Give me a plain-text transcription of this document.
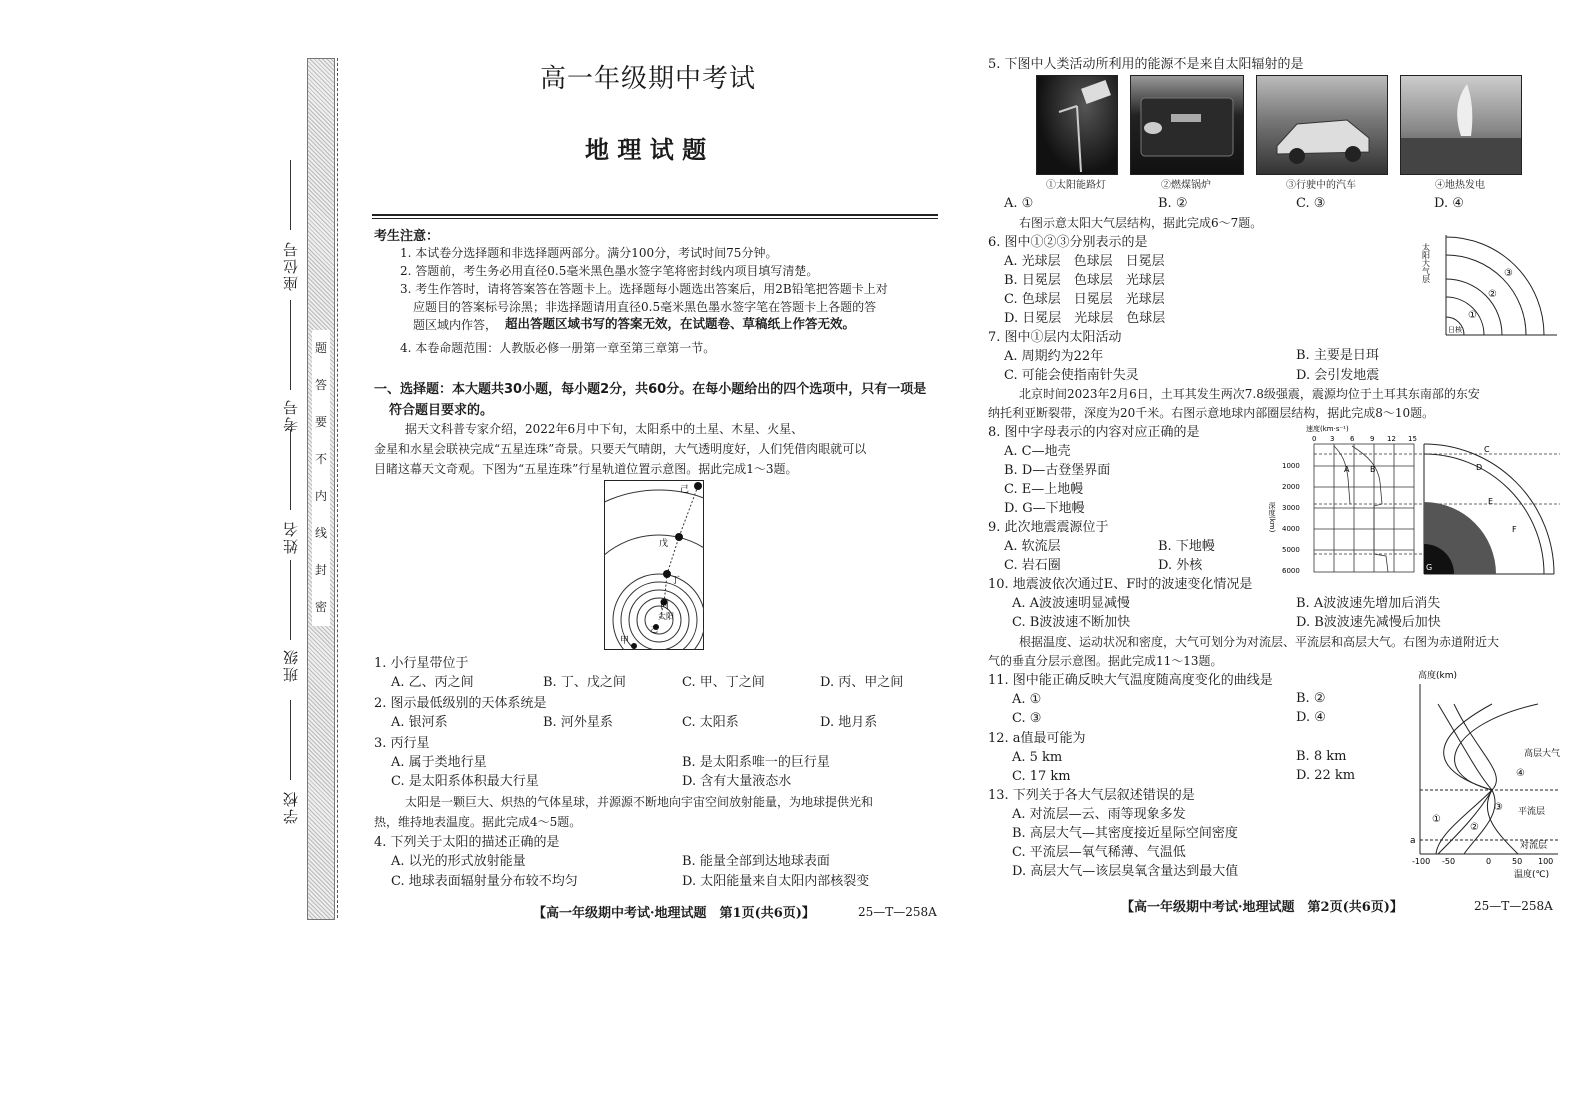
学校
班级
姓名
考号
座位号
题
答
要
不
内
线
封
密
高一年级期中考试
地 理 试 题
考生注意：
1. 本试卷分选择题和非选择题两部分。满分100分，考试时间75分钟。
2. 答题前，考生务必用直径0.5毫米黑色墨水签字笔将密封线内项目填写清楚。
3. 考生作答时，请将答案答在答题卡上。选择题每小题选出答案后，用2B铅笔把答题卡上对
应题目的答案标号涂黑；非选择题请用直径0.5毫米黑色墨水签字笔在答题卡上各题的答
题区域内作答， 超出答题区域书写的答案无效，在试题卷、草稿纸上作答无效。
4. 本卷命题范围：人教版必修一册第一章至第三章第一节。
一、选择题：本大题共30小题，每小题2分，共60分。在每小题给出的四个选项中，只有一项是
符合题目要求的。
据天文科普专家介绍，2022年6月中下旬，太阳系中的土星、木星、火星、
金星和水星会联袂完成“五星连珠”奇景。只要天气晴朗，大气透明度好，人们凭借肉眼就可以
目睹这幕天文奇观。下图为“五星连珠”行星轨道位置示意图。据此完成1～3题。
己
戊
丁
丙
太阳
乙
甲
1. 小行星带位于
A. 乙、丙之间	B. 丁、戊之间	C. 甲、丁之间	D. 丙、甲之间
2. 图示最低级别的天体系统是
A. 银河系	B. 河外星系	C. 太阳系	D. 地月系
3. 丙行星
A. 属于类地行星	B. 是太阳系唯一的巨行星
C. 是太阳系体积最大行星	D. 含有大量液态水
太阳是一颗巨大、炽热的气体星球，并源源不断地向宇宙空间放射能量，为地球提供光和
热，维持地表温度。据此完成4～5题。
4. 下列关于太阳的描述正确的是
A. 以光的形式放射能量	B. 能量全部到达地球表面
C. 地球表面辐射量分布较不均匀	D. 太阳能量来自太阳内部核裂变
【高一年级期中考试·地理试题　第1页(共6页)】	25—T—258A
5. 下图中人类活动所利用的能源不是来自太阳辐射的是
①太阳能路灯	②燃煤锅炉	③行驶中的汽车	④地热发电
A. ①	B. ②	C. ③	D. ④
右图示意太阳大气层结构，据此完成6～7题。
6. 图中①②③分别表示的是
A. 光球层　色球层　日冕层
B. 日冕层　色球层　光球层
C. 色球层　日冕层　光球层
D. 日冕层　光球层　色球层
太阳大气层
日核
①
②
③
7. 图中①层内太阳活动
A. 周期约为22年	B. 主要是日珥
C. 可能会使指南针失灵	D. 会引发地震
北京时间2023年2月6日，土耳其发生两次7.8级强震，震源均位于土耳其东南部的东安
纳托利亚断裂带，深度为20千米。右图示意地球内部圈层结构，据此完成8～10题。
8. 图中字母表示的内容对应正确的是
A. C—地壳
B. D—古登堡界面
C. E—上地幔
D. G—下地幔
速度(km·s⁻¹)
0 3 6 9 12 15
1000
2000
3000
4000
5000
6000
深度(km)
A	B
C
D
E
F
G
9. 此次地震震源位于
A. 软流层	B. 下地幔
C. 岩石圈	D. 外核
10. 地震波依次通过E、F时的波速变化情况是
A. A波波速明显减慢	B. A波波速先增加后消失
C. B波波速不断加快	D. B波波速先减慢后加快
根据温度、运动状况和密度，大气可划分为对流层、平流层和高层大气。右图为赤道附近大
气的垂直分层示意图。据此完成11～13题。
11. 图中能正确反映大气温度随高度变化的曲线是
A. ①	B. ②
C. ③	D. ④
12. a值最可能为
A. 5 km	B. 8 km
C. 17 km	D. 22 km
13. 下列关于各大气层叙述错误的是
A. 对流层—云、雨等现象多发
B. 高层大气—其密度接近星际空间密度
C. 平流层—氧气稀薄、气温低
D. 高层大气—该层臭氧含量达到最大值
高度(km)
高层大气
平流层
对流层
①
②
③
④
a
-100 -50	0	50 100
温度(℃)
【高一年级期中考试·地理试题　第2页(共6页)】	25—T—258A
